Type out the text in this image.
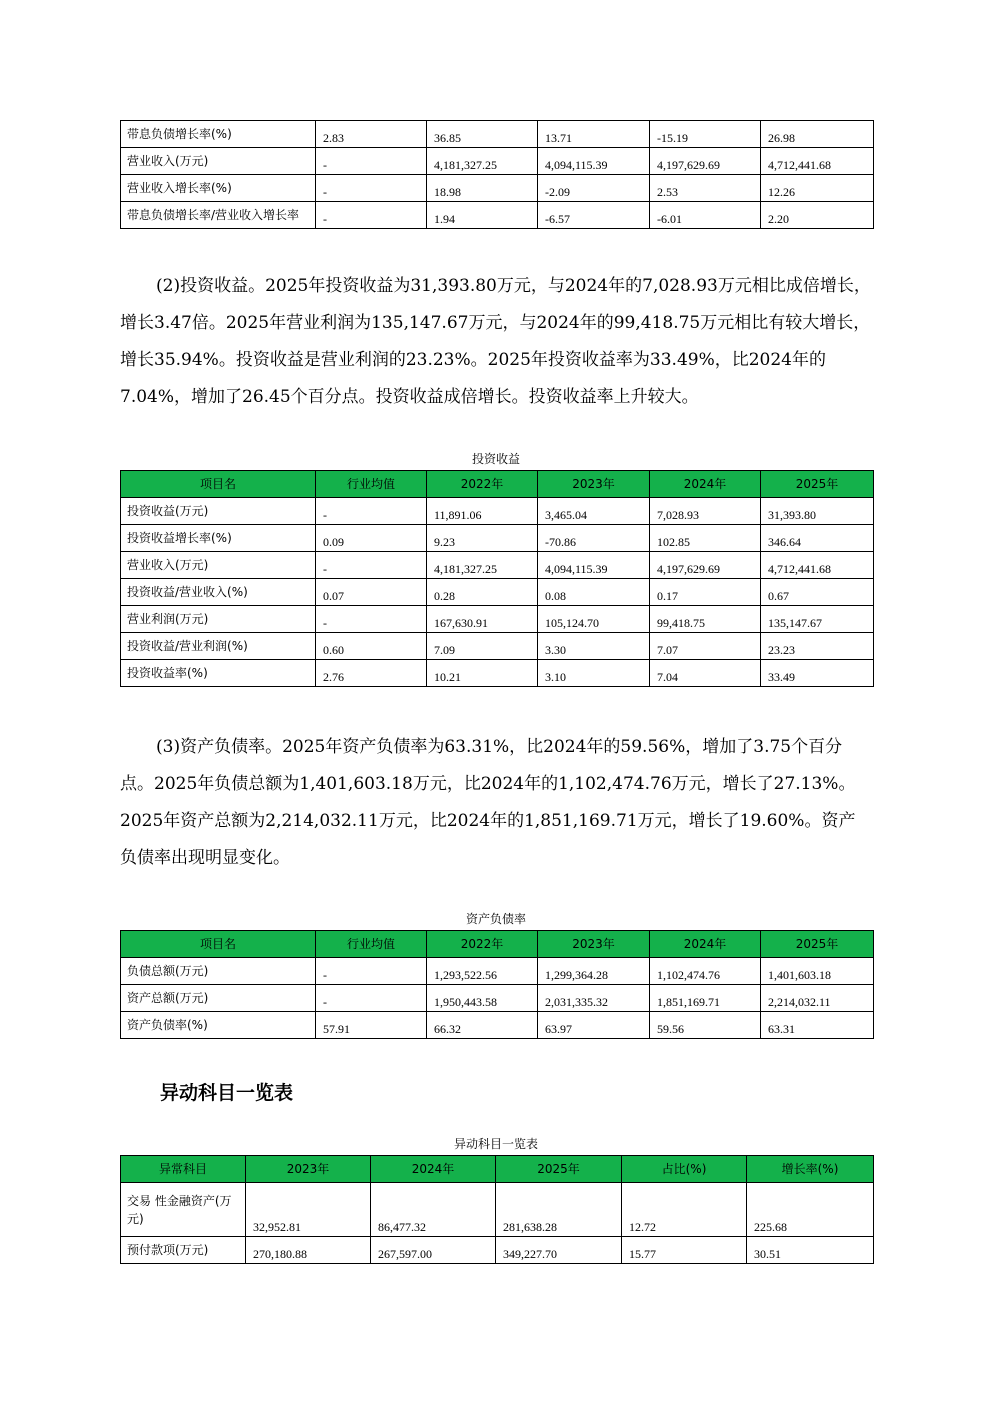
带息负债增长率(%)	2.83	36.85	13.71	-15.19	26.98
营业收入(万元)	-	4,181,327.25	4,094,115.39	4,197,629.69	4,712,441.68
营业收入增长率(%)	-	18.98	-2.09	2.53	12.26
带息负债增长率/营业收入增长率	-	1.94	-6.57	-6.01	2.20

(2)投资收益。2025年投资收益为31,393.80万元，与2024年的7,028.93万元相比成倍增长，增长3.47倍。2025年营业利润为135,147.67万元，与2024年的99,418.75万元相比有较大增长，增长35.94%。投资收益是营业利润的23.23%。2025年投资收益率为33.49%，比2024年的7.04%，增加了26.45个百分点。投资收益成倍增长。投资收益率上升较大。

投资收益
项目名	行业均值	2022年	2023年	2024年	2025年
投资收益(万元)	-	11,891.06	3,465.04	7,028.93	31,393.80
投资收益增长率(%)	0.09	9.23	-70.86	102.85	346.64
营业收入(万元)	-	4,181,327.25	4,094,115.39	4,197,629.69	4,712,441.68
投资收益/营业收入(%)	0.07	0.28	0.08	0.17	0.67
营业利润(万元)	-	167,630.91	105,124.70	99,418.75	135,147.67
投资收益/营业利润(%)	0.60	7.09	3.30	7.07	23.23
投资收益率(%)	2.76	10.21	3.10	7.04	33.49

(3)资产负债率。2025年资产负债率为63.31%，比2024年的59.56%，增加了3.75个百分点。2025年负债总额为1,401,603.18万元，比2024年的1,102,474.76万元，增长了27.13%。2025年资产总额为2,214,032.11万元，比2024年的1,851,169.71万元，增长了19.60%。资产负债率出现明显变化。

资产负债率
项目名	行业均值	2022年	2023年	2024年	2025年
负债总额(万元)	-	1,293,522.56	1,299,364.28	1,102,474.76	1,401,603.18
资产总额(万元)	-	1,950,443.58	2,031,335.32	1,851,169.71	2,214,032.11
资产负债率(%)	57.91	66.32	63.97	59.56	63.31
异动科目一览表
异动科目一览表
异常科目	2023年	2024年	2025年	占比(%)	增长率(%)
交易 性金融资产(万元)	32,952.81	86,477.32	281,638.28	12.72	225.68
预付款项(万元)	270,180.88	267,597.00	349,227.70	15.77	30.51
